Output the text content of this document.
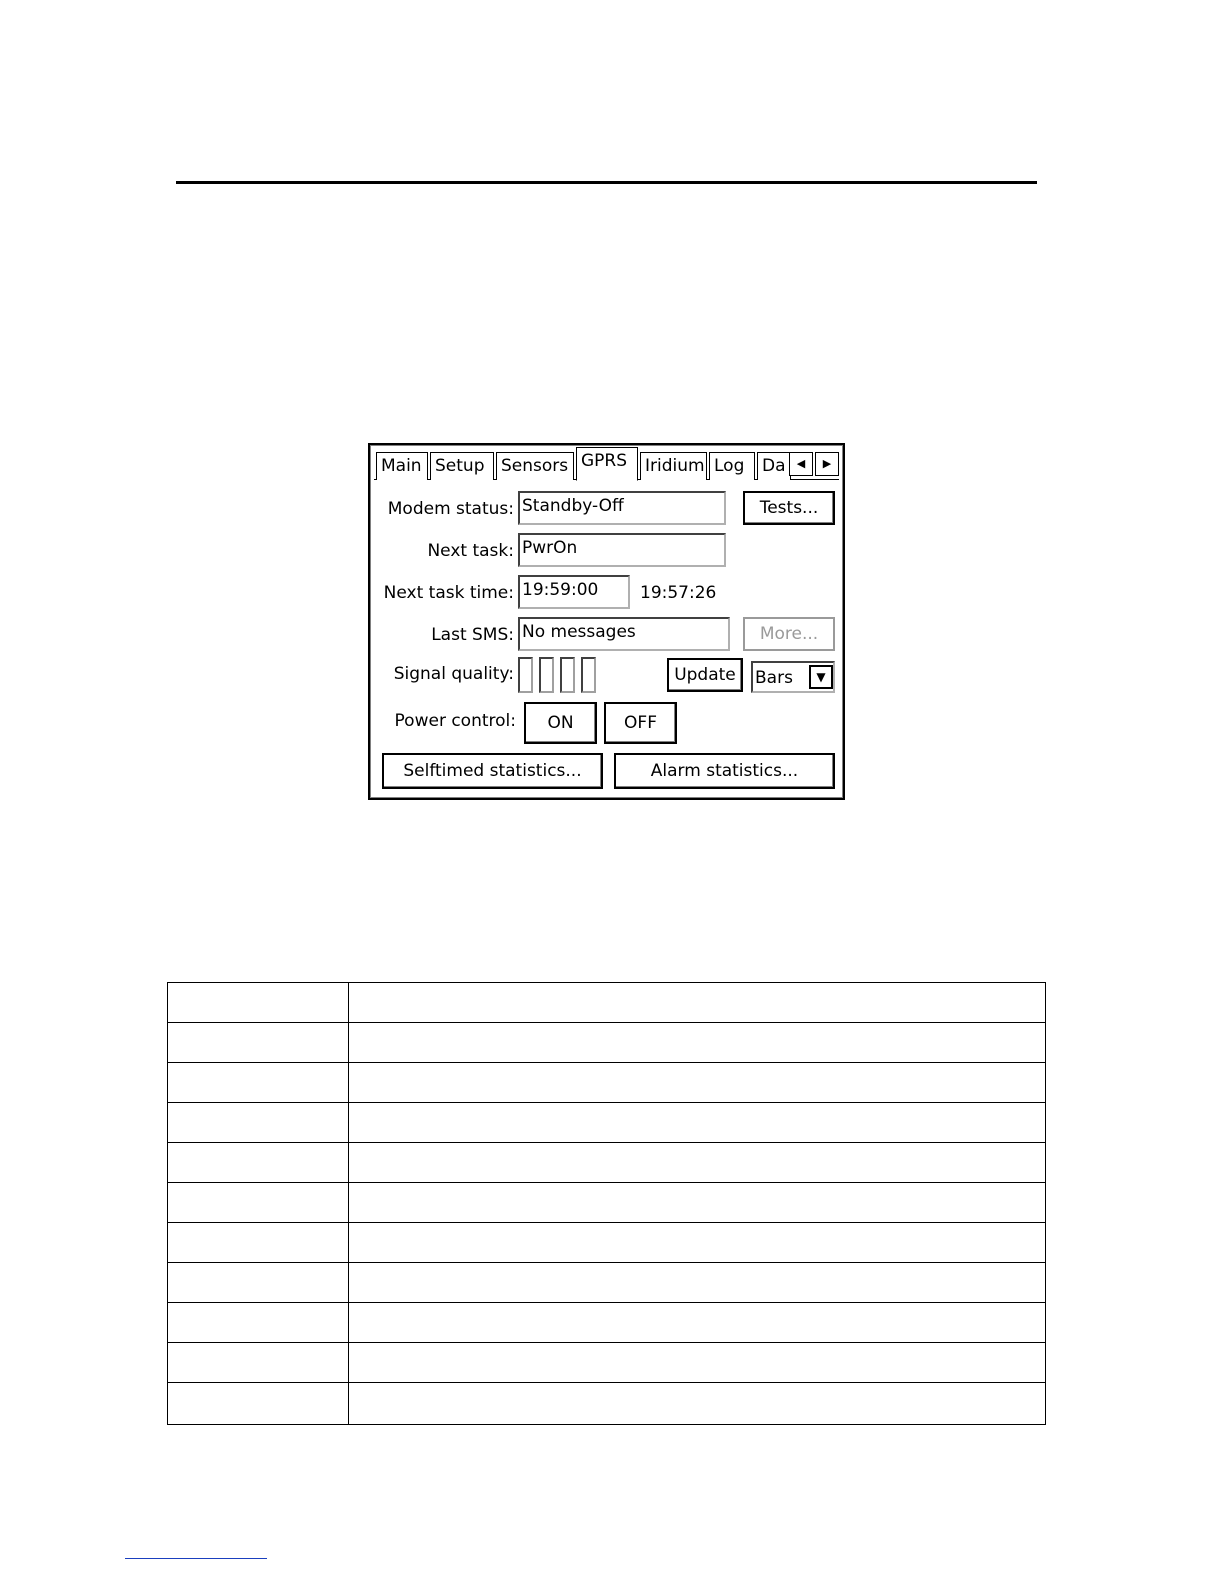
Main Setup Sensors GPRS	Iridium Log	Da	◀	▶
Modem status: Standby-Off	Tests...
Next task: PwrOn
Next task time: 19:59:00	19:57:26
Last SMS: No messages	More...
Signal quality:	Update	Bars	▼
Power control:	ON	OFF
Selftimed statistics...	Alarm statistics...
